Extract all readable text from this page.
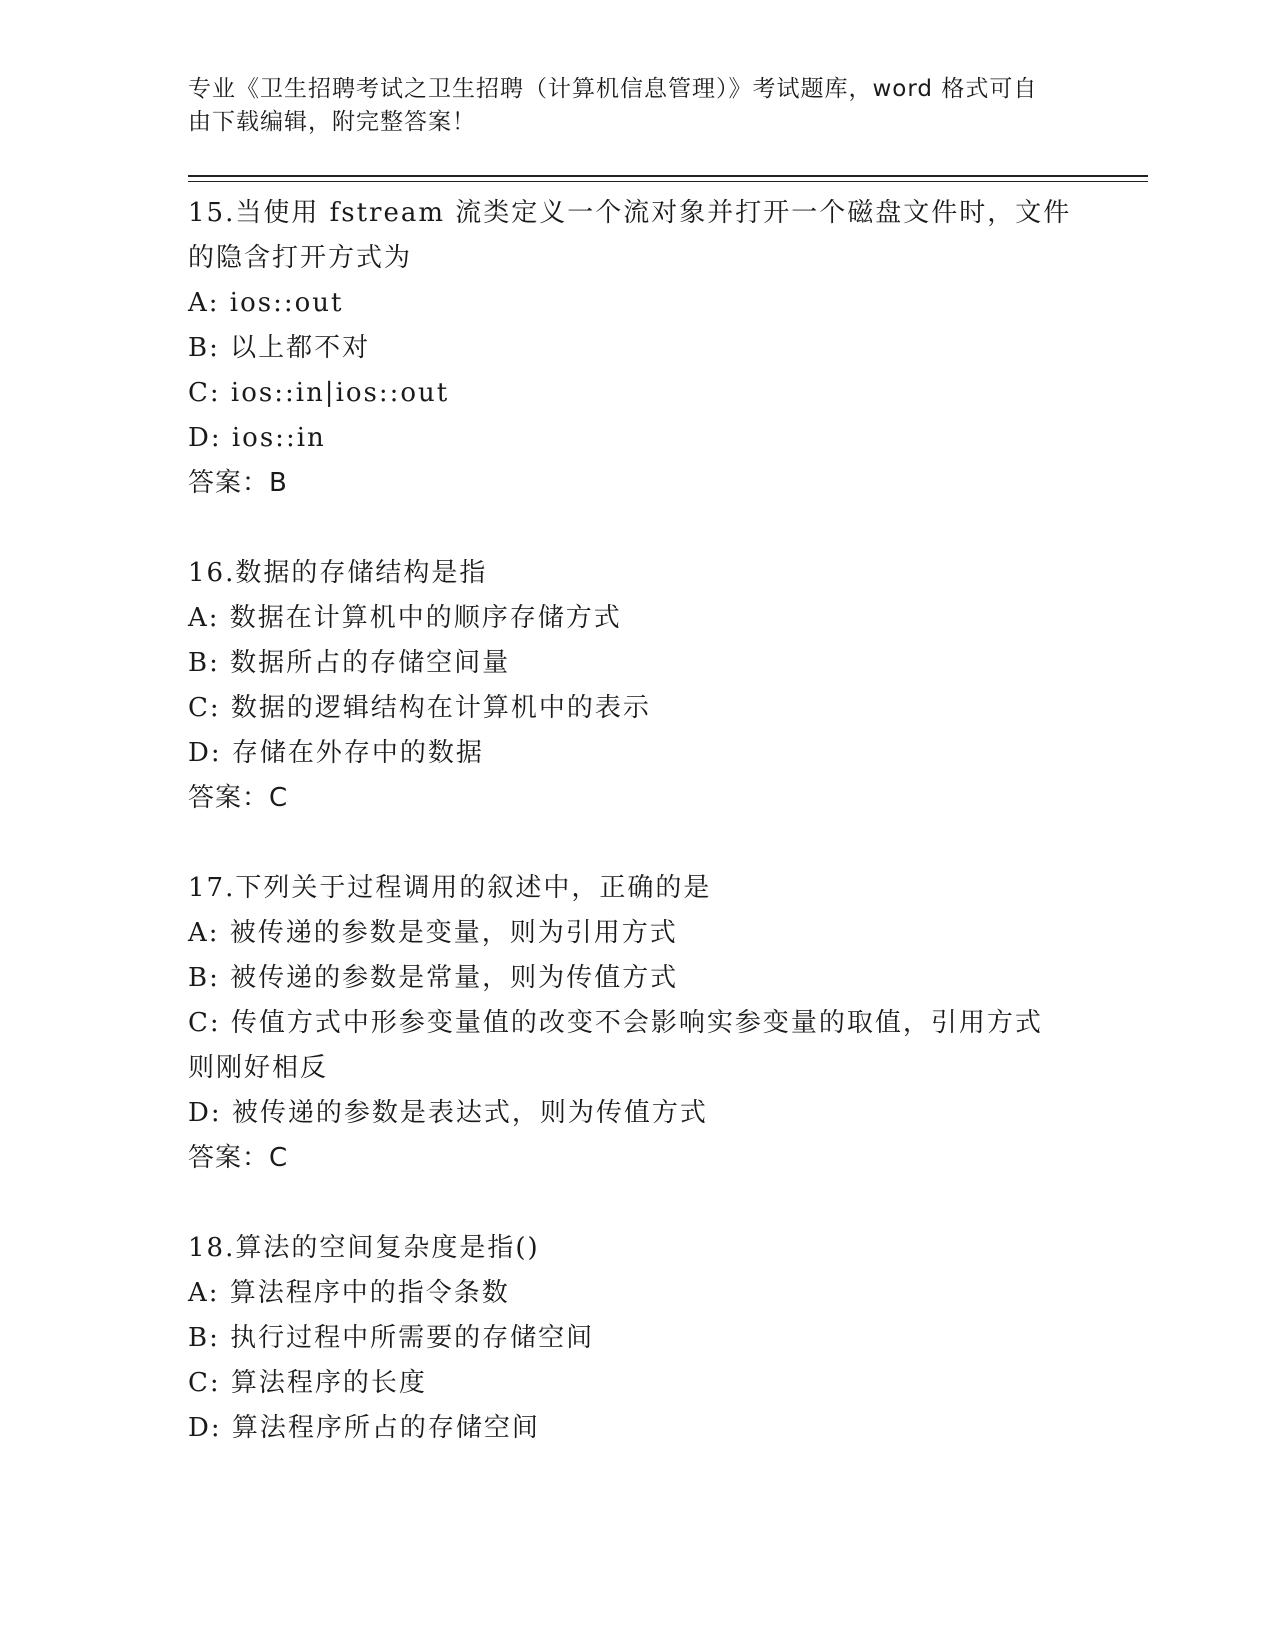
专业《卫生招聘考试之卫生招聘（计算机信息管理）》考试题库，word 格式可自
由下载编辑，附完整答案！
15.当使用 fstream 流类定义一个流对象并打开一个磁盘文件时，文件
的隐含打开方式为
A: ios::out
B: 以上都不对
C: ios::in|ios::out
D: ios::in
答案：B
16.数据的存储结构是指
A: 数据在计算机中的顺序存储方式
B: 数据所占的存储空间量
C: 数据的逻辑结构在计算机中的表示
D: 存储在外存中的数据
答案：C
17.下列关于过程调用的叙述中，正确的是
A: 被传递的参数是变量，则为引用方式
B: 被传递的参数是常量，则为传值方式
C: 传值方式中形参变量值的改变不会影响实参变量的取值，引用方式
则刚好相反
D: 被传递的参数是表达式，则为传值方式
答案：C
18.算法的空间复杂度是指()
A: 算法程序中的指令条数
B: 执行过程中所需要的存储空间
C: 算法程序的长度
D: 算法程序所占的存储空间
